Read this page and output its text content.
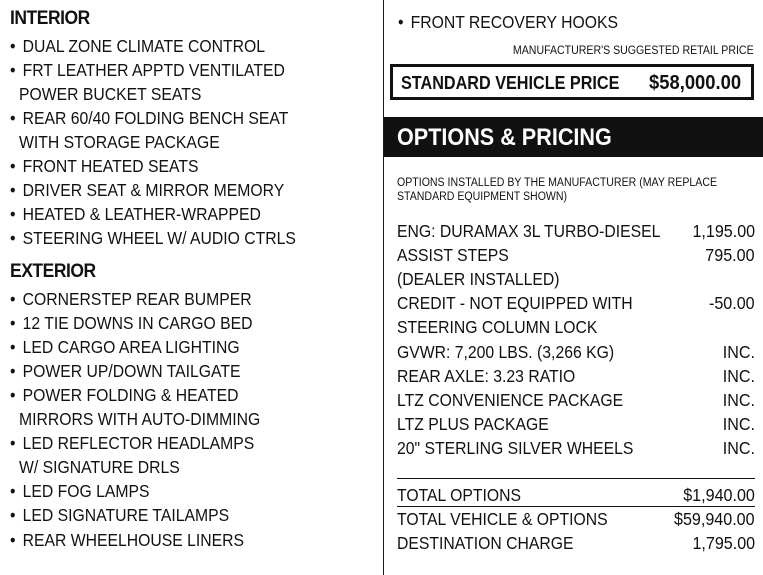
INTERIOR
• DUAL ZONE CLIMATE CONTROL
• FRT LEATHER APPTD VENTILATED
POWER BUCKET SEATS
• REAR 60/40 FOLDING BENCH SEAT
WITH STORAGE PACKAGE
• FRONT HEATED SEATS
• DRIVER SEAT & MIRROR MEMORY
• HEATED & LEATHER-WRAPPED
• STEERING WHEEL W/ AUDIO CTRLS
EXTERIOR
• CORNERSTEP REAR BUMPER
• 12 TIE DOWNS IN CARGO BED
• LED CARGO AREA LIGHTING
• POWER UP/DOWN TAILGATE
• POWER FOLDING & HEATED
MIRRORS WITH AUTO-DIMMING
• LED REFLECTOR HEADLAMPS
W/ SIGNATURE DRLS
• LED FOG LAMPS
• LED SIGNATURE TAILAMPS
• REAR WHEELHOUSE LINERS
• FRONT RECOVERY HOOKS
MANUFACTURER'S SUGGESTED RETAIL PRICE
STANDARD VEHICLE PRICE $58,000.00
OPTIONS & PRICING
OPTIONS INSTALLED BY THE MANUFACTURER (MAY REPLACE
STANDARD EQUIPMENT SHOWN)
ENG: DURAMAX 3L TURBO-DIESEL 1,195.00
ASSIST STEPS	795.00
(DEALER INSTALLED)
CREDIT - NOT EQUIPPED WITH	-50.00
STEERING COLUMN LOCK
GVWR: 7,200 LBS. (3,266 KG)	INC.
REAR AXLE: 3.23 RATIO	INC.
LTZ CONVENIENCE PACKAGE	INC.
LTZ PLUS PACKAGE	INC.
20" STERLING SILVER WHEELS	INC.
TOTAL OPTIONS	$1,940.00
TOTAL VEHICLE & OPTIONS	$59,940.00
DESTINATION CHARGE	1,795.00
